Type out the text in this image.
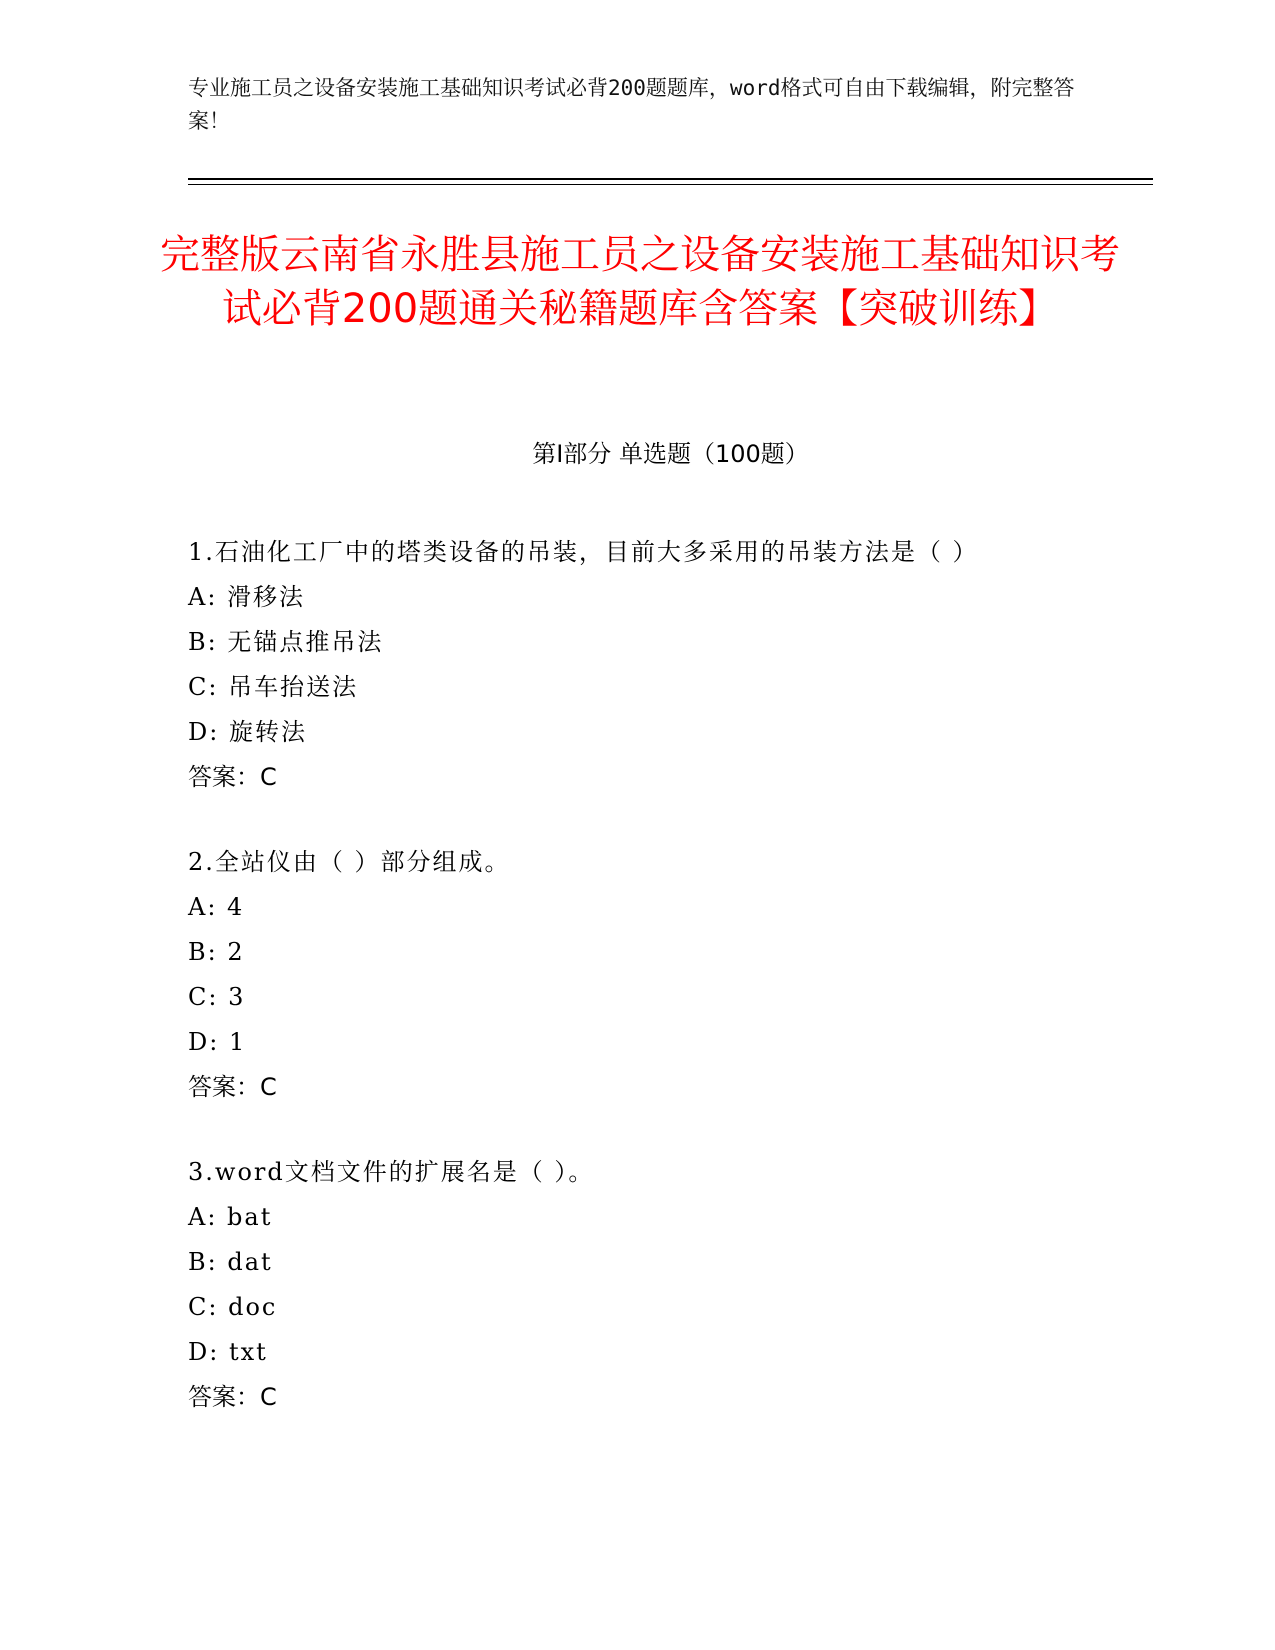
专业施工员之设备安装施工基础知识考试必背200题题库，word格式可自由下载编辑，附完整答案！
完整版云南省永胜县施工员之设备安装施工基础知识考试必背200题通关秘籍题库含答案【突破训练】
第Ⅰ部分 单选题（100题）
1.石油化工厂中的塔类设备的吊装，目前大多采用的吊装方法是（ ）
A: 滑移法
B: 无锚点推吊法
C: 吊车抬送法
D: 旋转法
答案：C
2.全站仪由（ ）部分组成。
A: 4
B: 2
C: 3
D: 1
答案：C
3.word文档文件的扩展名是（ ）。
A: bat
B: dat
C: doc
D: txt
答案：C
